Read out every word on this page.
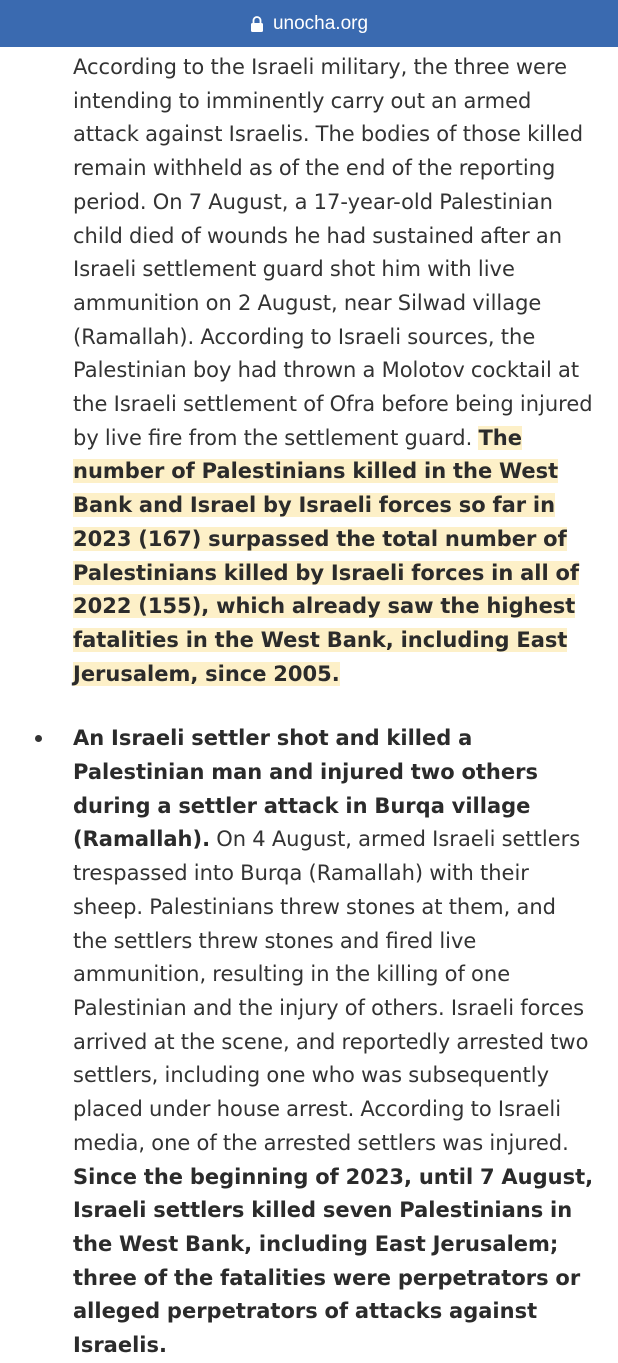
unocha.org

According to the Israeli military, the three were intending to imminently carry out an armed attack against Israelis. The bodies of those killed remain withheld as of the end of the reporting period. On 7 August, a 17-year-old Palestinian child died of wounds he had sustained after an Israeli settlement guard shot him with live ammunition on 2 August, near Silwad village (Ramallah). According to Israeli sources, the Palestinian boy had thrown a Molotov cocktail at the Israeli settlement of Ofra before being injured by live fire from the settlement guard. The number of Palestinians killed in the West Bank and Israel by Israeli forces so far in 2023 (167) surpassed the total number of Palestinians killed by Israeli forces in all of 2022 (155), which already saw the highest fatalities in the West Bank, including East Jerusalem, since 2005.

An Israeli settler shot and killed a Palestinian man and injured two others during a settler attack in Burqa village (Ramallah). On 4 August, armed Israeli settlers trespassed into Burqa (Ramallah) with their sheep. Palestinians threw stones at them, and the settlers threw stones and fired live ammunition, resulting in the killing of one Palestinian and the injury of others. Israeli forces arrived at the scene, and reportedly arrested two settlers, including one who was subsequently placed under house arrest. According to Israeli media, one of the arrested settlers was injured. Since the beginning of 2023, until 7 August, Israeli settlers killed seven Palestinians in the West Bank, including East Jerusalem; three of the fatalities were perpetrators or alleged perpetrators of attacks against Israelis.
